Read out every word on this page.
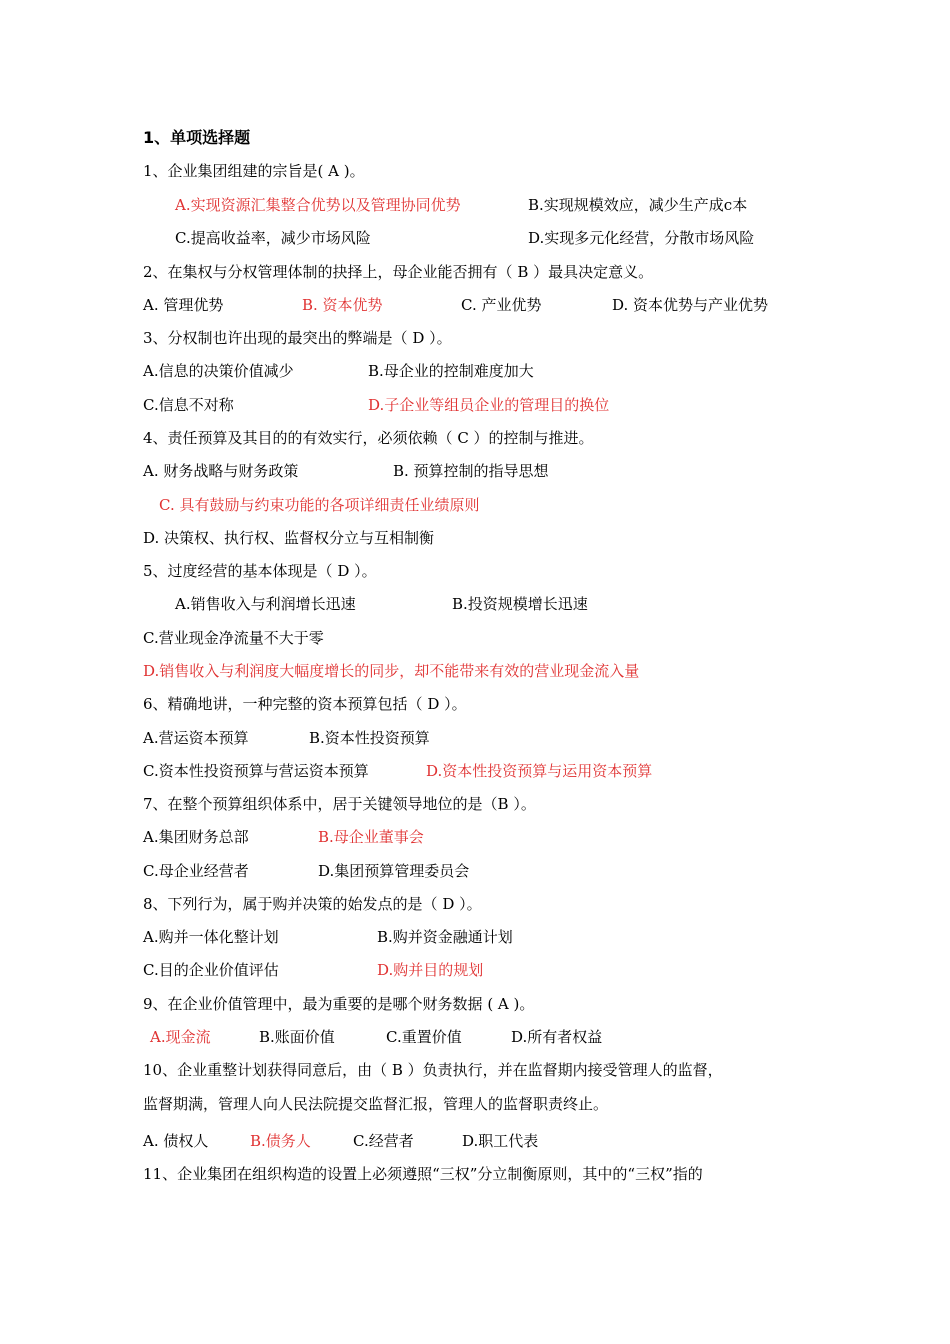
1、单项选择题
1、企业集团组建的宗旨是( A )。
A.实现资源汇集整合优势以及管理协同优势	B.实现规模效应，减少生产成c本
C.提高收益率，减少市场风险	D.实现多元化经营，分散市场风险
2、在集权与分权管理体制的抉择上，母企业能否拥有（ B ）最具决定意义。
A. 管理优势	B. 资本优势	C. 产业优势	D. 资本优势与产业优势
3、分权制也许出现的最突出的弊端是（ D ）。
A.信息的决策价值减少	B.母企业的控制难度加大
C.信息不对称	D.子企业等组员企业的管理目的换位
4、责任预算及其目的的有效实行，必须依赖（ C ）的控制与推进。
A. 财务战略与财务政策	B. 预算控制的指导思想
C. 具有鼓励与约束功能的各项详细责任业绩原则
D. 决策权、执行权、监督权分立与互相制衡
5、过度经营的基本体现是（ D ）。
A.销售收入与利润增长迅速	B.投资规模增长迅速
C.营业现金净流量不大于零
D.销售收入与利润度大幅度增长的同步，却不能带来有效的营业现金流入量
6、精确地讲，一种完整的资本预算包括（ D ）。
A.营运资本预算	B.资本性投资预算
C.资本性投资预算与营运资本预算	D.资本性投资预算与运用资本预算
7、在整个预算组织体系中，居于关键领导地位的是（B ）。
A.集团财务总部	B.母企业董事会
C.母企业经营者	D.集团预算管理委员会
8、下列行为，属于购并决策的始发点的是（ D ）。
A.购并一体化整计划	B.购并资金融通计划
C.目的企业价值评估	D.购并目的规划
9、在企业价值管理中，最为重要的是哪个财务数据 ( A )。
A.现金流	B.账面价值	C.重置价值	D.所有者权益
10、企业重整计划获得同意后，由（ B ）负责执行，并在监督期内接受管理人的监督，
监督期满，管理人向人民法院提交监督汇报，管理人的监督职责终止。
A. 债权人	B.债务人	C.经营者	D.职工代表
11、企业集团在组织构造的设置上必须遵照“三权”分立制衡原则，其中的“三权”指的
